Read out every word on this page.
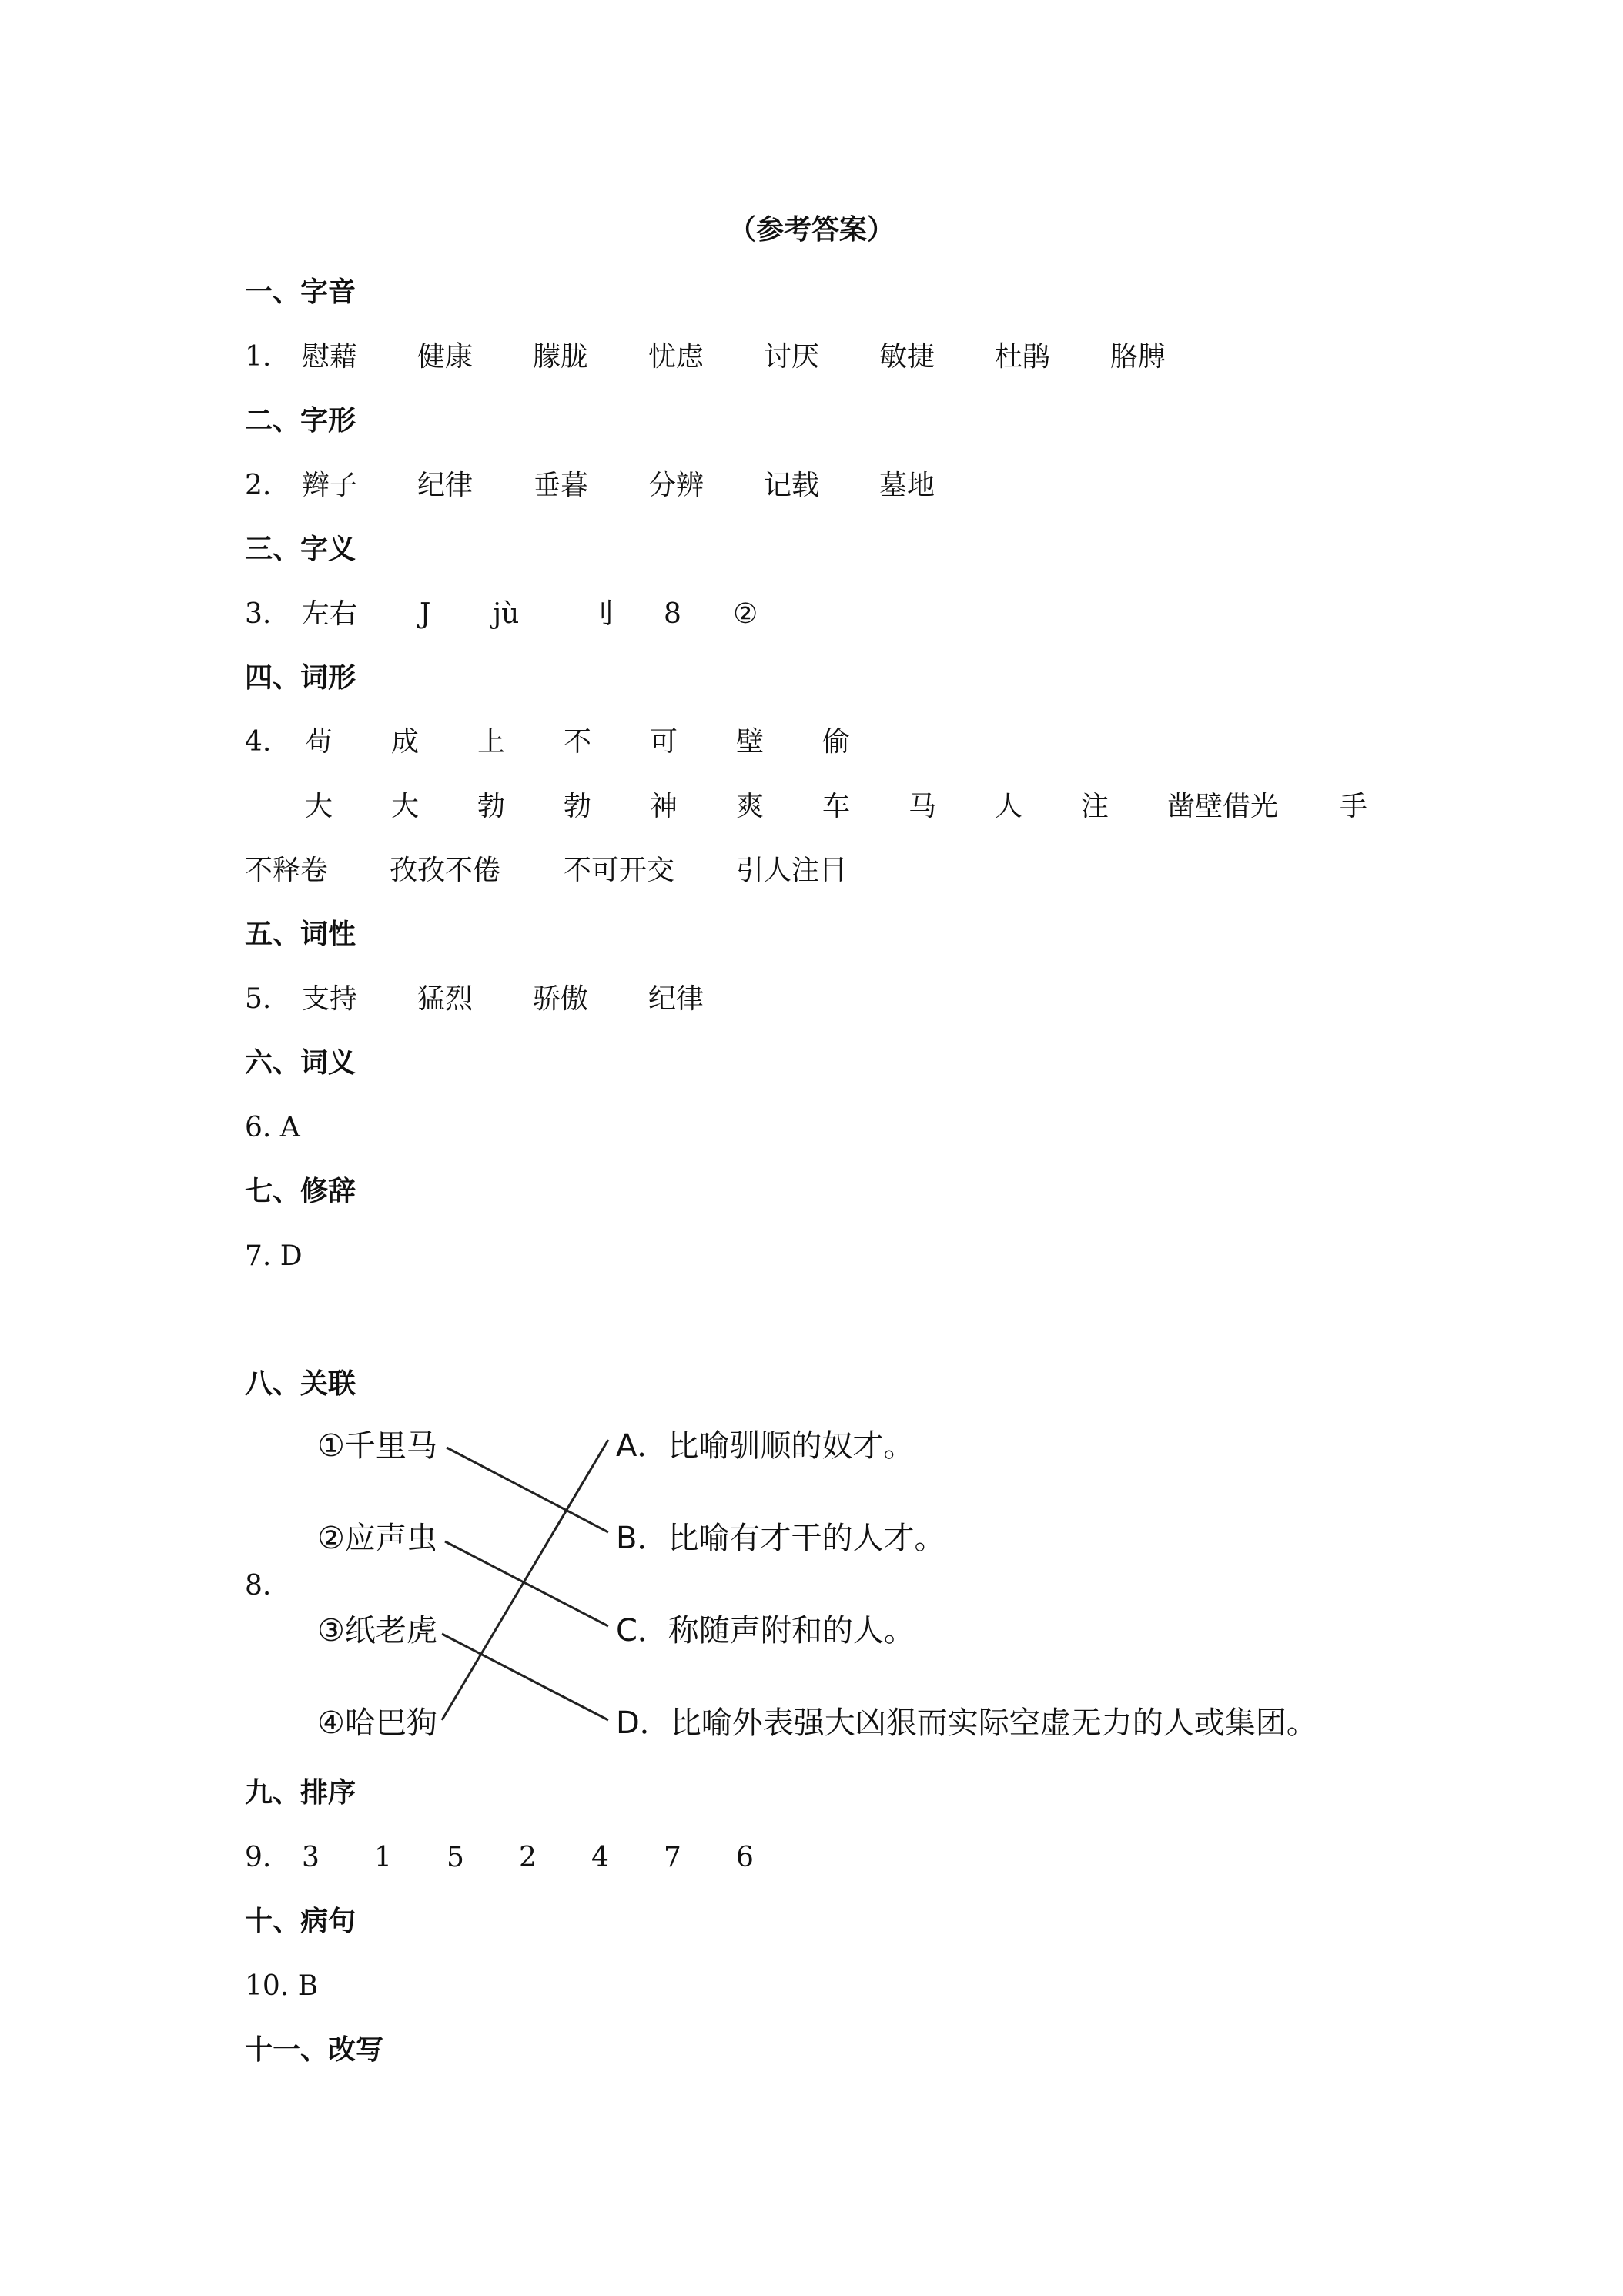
（参考答案）
一、字音
1. 慰藉 健康 朦胧 忧虑 讨厌 敏捷 杜鹃 胳膊
二、字形
2. 辫子 纪律 垂暮 分辨 记载 墓地
三、字义
3. 左右 J jù 刂 8 ②
四、词形
4. 苟 成 上 不 可 壁 偷
大 大 勃 勃 神 爽 车 马 人 注 凿壁借光 手
不释卷 孜孜不倦 不可开交 引人注目
五、词性
5. 支持 猛烈 骄傲 纪律
六、词义
6. A
七、修辞
7. D
八、关联
8.
①千里马
②应声虫
③纸老虎
④哈巴狗
A．比喻驯顺的奴才。
B．比喻有才干的人才。
C．称随声附和的人。
D．比喻外表强大凶狠而实际空虚无力的人或集团。
九、排序
9. 3 1 5 2 4 7 6
十、病句
10. B
十一、改写
